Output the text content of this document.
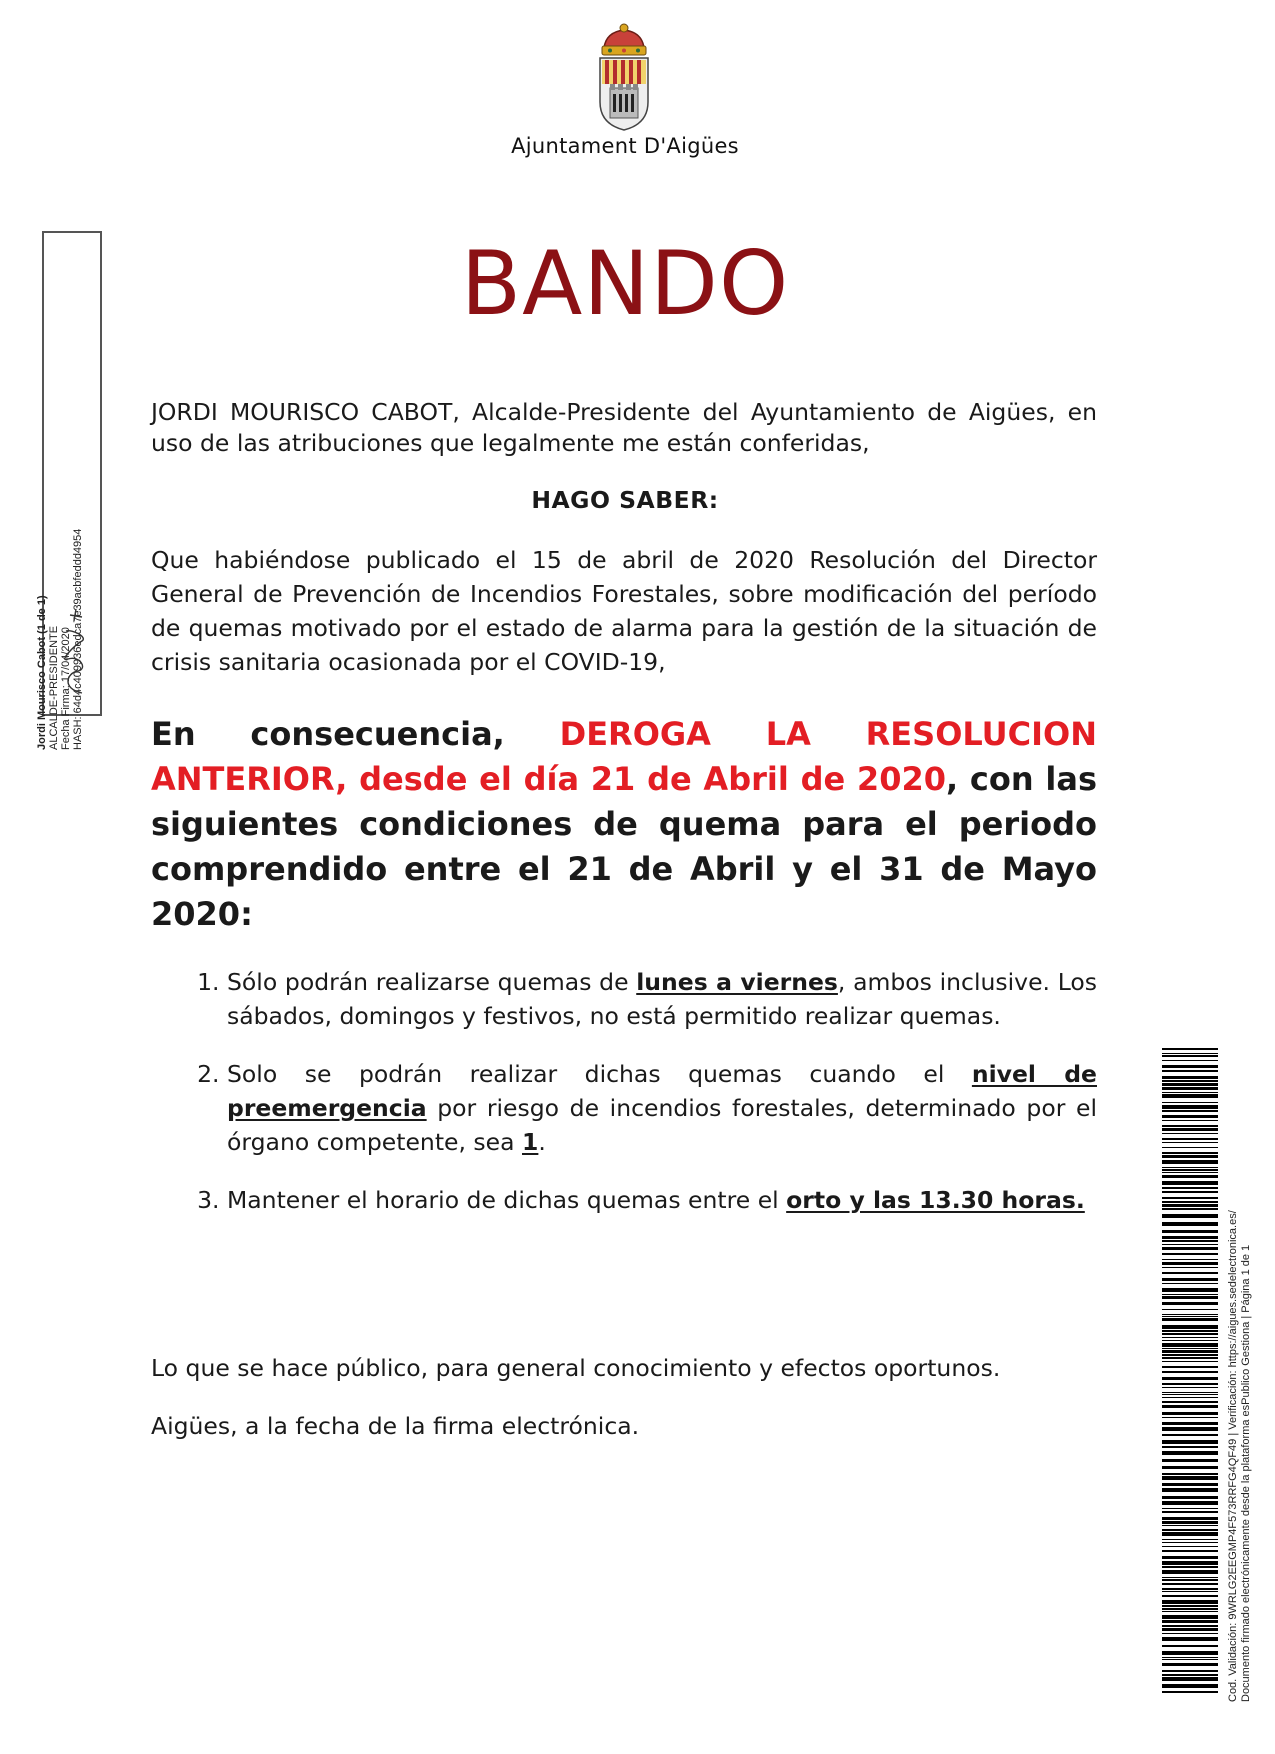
Ajuntament D'Aigües
Jordi Mourisco Cabot (1 de 1) ALCALDE-PRESIDENTE Fecha Firma: 17/04/2020 HASH: 64d4c409936edca7e39acbfeddd4954
BANDO
JORDI MOURISCO CABOT, Alcalde-Presidente del Ayuntamiento de Aigües, en uso de las atribuciones que legalmente me están conferidas,
HAGO SABER:
Que habiéndose publicado el 15 de abril de 2020 Resolución del Director General de Prevención de Incendios Forestales, sobre modificación del período de quemas motivado por el estado de alarma para la gestión de la situación de crisis sanitaria ocasionada por el COVID-19,
En consecuencia, DEROGA LA RESOLUCION ANTERIOR, desde el día 21 de Abril de 2020, con las siguientes condiciones de quema para el periodo comprendido entre el 21 de Abril y el 31 de Mayo 2020:
1. Sólo podrán realizarse quemas de lunes a viernes, ambos inclusive. Los sábados, domingos y festivos, no está permitido realizar quemas.
2. Solo se podrán realizar dichas quemas cuando el nivel de preemergencia por riesgo de incendios forestales, determinado por el órgano competente, sea 1.
3. Mantener el horario de dichas quemas entre el orto y las 13.30 horas.
Lo que se hace público, para general conocimiento y efectos oportunos.
Aigües, a la fecha de la firma electrónica.	Cod. Validación: 9WRLG2EEGMP4F573RRFG4QF49 | Verificación: https://aigues.sedelectronica.es/ Documento firmado electrónicamente desde la plataforma esPublico Gestiona | Página 1 de 1
